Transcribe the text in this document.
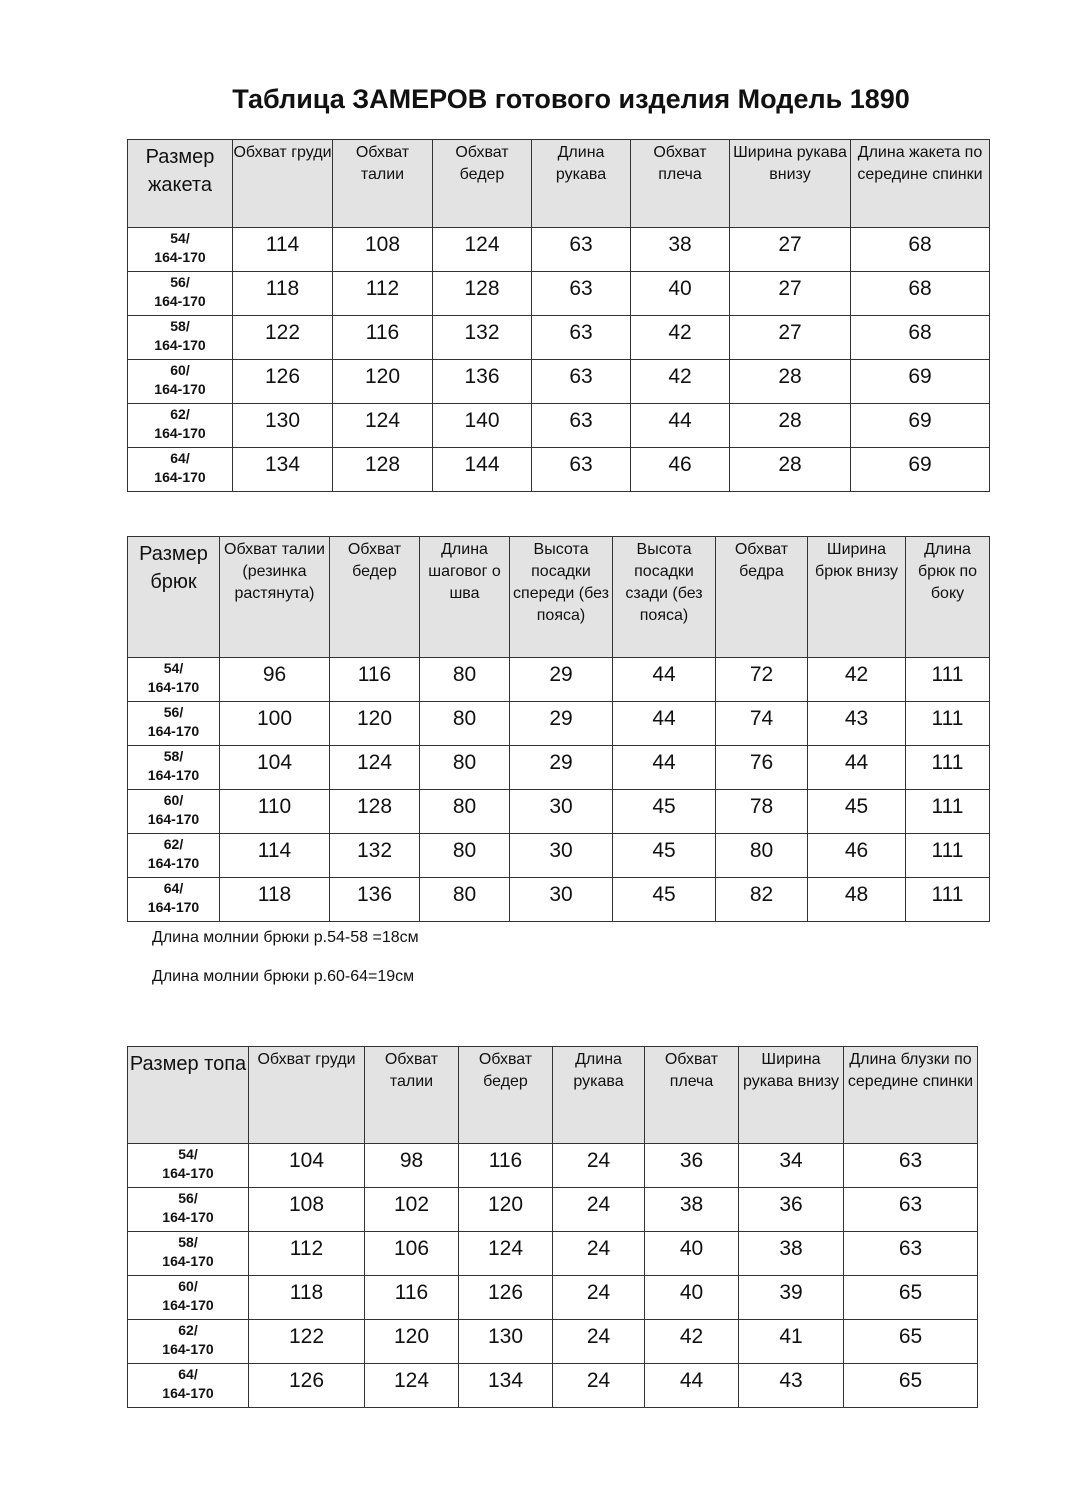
Таблица ЗАМЕРОВ готового изделия Модель 1890
Размер жакета	Обхват груди	Обхват талии	Обхват бедер	Длина рукава	Обхват плеча	Ширина рукава внизу	Длина жакета по середине спинки

54/
164-170	114	108	124	63	38	27	68

56/
164-170	118	112	128	63	40	27	68

58/
164-170	122	116	132	63	42	27	68

60/
164-170	126	120	136	63	42	28	69

62/
164-170	130	124	140	63	44	28	69

64/
164-170	134	128	144	63	46	28	69
Размер брюк	Обхват талии (резинка растянута)	Обхват бедер	Длина шаговог о шва	Высота посадки спереди (без пояса)	Высота посадки сзади (без пояса)	Обхват бедра	Ширина брюк внизу	Длина брюк по боку

54/
164-170	96	116	80	29	44	72	42	111

56/
164-170	100	120	80	29	44	74	43	111

58/
164-170	104	124	80	29	44	76	44	111

60/
164-170	110	128	80	30	45	78	45	111

62/
164-170	114	132	80	30	45	80	46	111

64/
164-170	118	136	80	30	45	82	48	111
Длина молнии брюки р.54-58 =18см
Длина молнии брюки р.60-64=19см
Размер топа	Обхват груди	Обхват талии	Обхват бедер	Длина рукава	Обхват плеча	Ширина рукава внизу	Длина блузки по середине спинки

54/
164-170	104	98	116	24	36	34	63

56/
164-170	108	102	120	24	38	36	63

58/
164-170	112	106	124	24	40	38	63

60/
164-170	118	116	126	24	40	39	65

62/
164-170	122	120	130	24	42	41	65

64/
164-170	126	124	134	24	44	43	65
